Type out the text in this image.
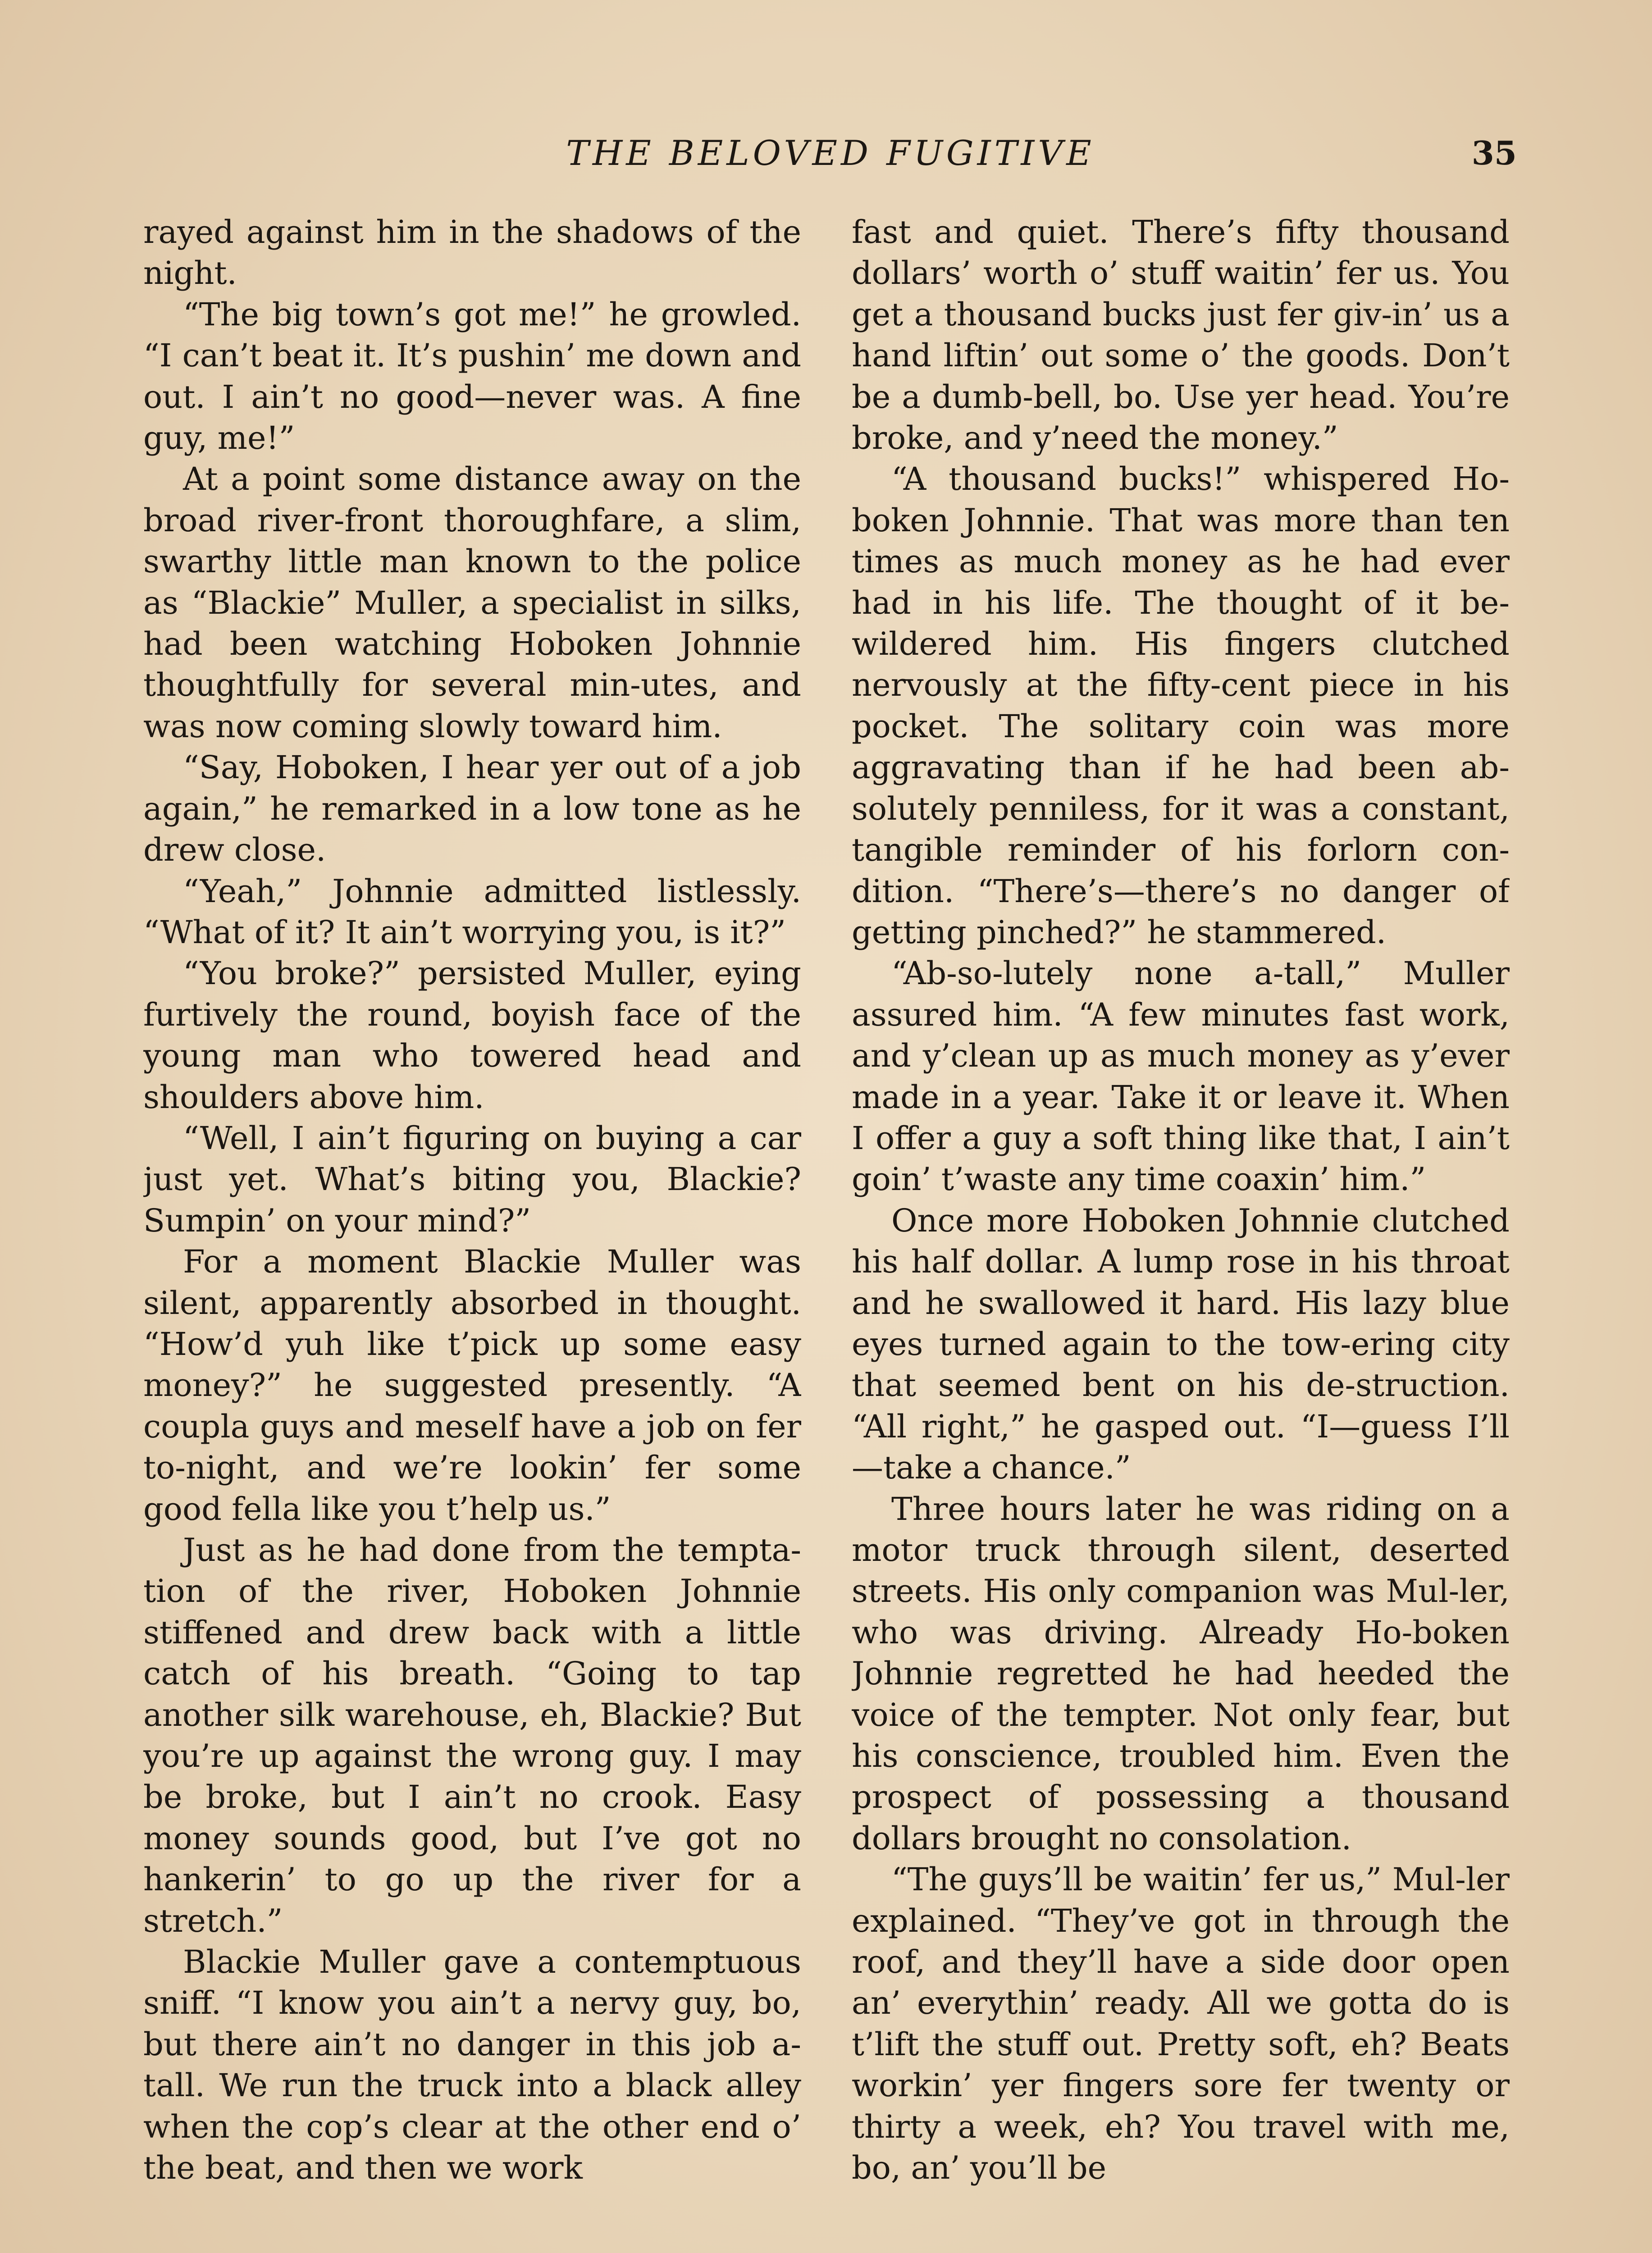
THE BELOVED FUGITIVE	35

rayed against him in the shadows of the night.

“The big town’s got me!” he growled. “I can’t beat it. It’s pushin’ me down and out. I ain’t no good—never was. A fine guy, me!”

At a point some distance away on the broad river-front thoroughfare, a slim, swarthy little man known to the police as “Blackie” Muller, a specialist in silks, had been watching Hoboken Johnnie thoughtfully for several min-utes, and was now coming slowly toward him.

“Say, Hoboken, I hear yer out of a job again,” he remarked in a low tone as he drew close.

“Yeah,” Johnnie admitted listlessly. “What of it? It ain’t worrying you, is it?”

“You broke?” persisted Muller, eying furtively the round, boyish face of the young man who towered head and shoulders above him.

“Well, I ain’t figuring on buying a car just yet. What’s biting you, Blackie? Sumpin’ on your mind?”

For a moment Blackie Muller was silent, apparently absorbed in thought. “How’d yuh like t’pick up some easy money?” he suggested presently. “A coupla guys and meself have a job on fer to-night, and we’re lookin’ fer some good fella like you t’help us.”

Just as he had done from the tempta-tion of the river, Hoboken Johnnie stiffened and drew back with a little catch of his breath. “Going to tap another silk warehouse, eh, Blackie? But you’re up against the wrong guy. I may be broke, but I ain’t no crook. Easy money sounds good, but I’ve got no hankerin’ to go up the river for a stretch.”

Blackie Muller gave a contemptuous sniff. “I know you ain’t a nervy guy, bo, but there ain’t no danger in this job a-tall. We run the truck into a black alley when the cop’s clear at the other end o’ the beat, and then we work

fast and quiet. There’s fifty thousand dollars’ worth o’ stuff waitin’ fer us. You get a thousand bucks just fer giv-in’ us a hand liftin’ out some o’ the goods. Don’t be a dumb-bell, bo. Use yer head. You’re broke, and y’need the money.”

“A thousand bucks!” whispered Ho-boken Johnnie. That was more than ten times as much money as he had ever had in his life. The thought of it be-wildered him. His fingers clutched nervously at the fifty-cent piece in his pocket. The solitary coin was more aggravating than if he had been ab-solutely penniless, for it was a constant, tangible reminder of his forlorn con-dition. “There’s—there’s no danger of getting pinched?” he stammered.

“Ab-so-lutely none a-tall,” Muller assured him. “A few minutes fast work, and y’clean up as much money as y’ever made in a year. Take it or leave it. When I offer a guy a soft thing like that, I ain’t goin’ t’waste any time coaxin’ him.”

Once more Hoboken Johnnie clutched his half dollar. A lump rose in his throat and he swallowed it hard. His lazy blue eyes turned again to the tow-ering city that seemed bent on his de-struction. “All right,” he gasped out. “I—guess I’ll—take a chance.”

Three hours later he was riding on a motor truck through silent, deserted streets. His only companion was Mul-ler, who was driving. Already Ho-boken Johnnie regretted he had heeded the voice of the tempter. Not only fear, but his conscience, troubled him. Even the prospect of possessing a thousand dollars brought no consolation.

“The guys’ll be waitin’ fer us,” Mul-ler explained. “They’ve got in through the roof, and they’ll have a side door open an’ everythin’ ready. All we gotta do is t’lift the stuff out. Pretty soft, eh? Beats workin’ yer fingers sore fer twenty or thirty a week, eh? You travel with me, bo, an’ you’ll be
